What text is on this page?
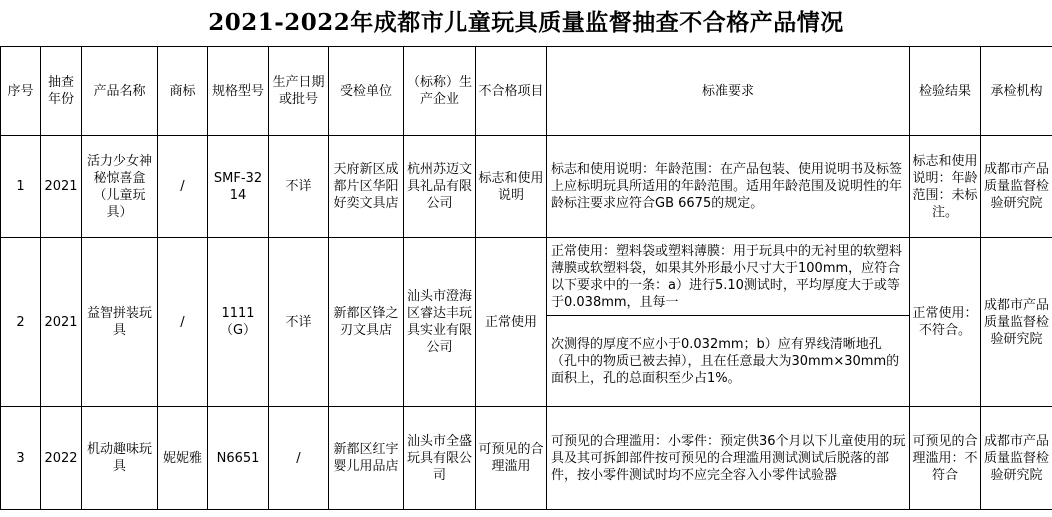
2021-2022年成都市儿童玩具质量监督抽查不合格产品情况
序号	抽查年份	产品名称	商标	规格型号	生产日期或批号	受检单位	（标称）生产企业	不合格项目	标准要求	检验结果	承检机构
1	2021	活力少女神秘惊喜盒（儿童玩具）	/	SMF-3214	不详	天府新区成都片区华阳好奕文具店	杭州苏迈文具礼品有限公司	标志和使用说明	标志和使用说明：年龄范围：在产品包装、使用说明书及标签上应标明玩具所适用的年龄范围。适用年龄范围及说明性的年龄标注要求应符合GB 6675的规定。	标志和使用说明：年龄范围：未标注。	成都市产品质量监督检验研究院
2	2021	益智拼装玩具	/	1111（G）	不详	新都区锋之刃文具店	汕头市澄海区睿达丰玩具实业有限公司	正常使用	正常使用：塑料袋或塑料薄膜：用于玩具中的无衬里的软塑料薄膜或软塑料袋，如果其外形最小尺寸大于100mm，应符合以下要求中的一条：a）进行5.10测试时，平均厚度大于或等于0.038mm，且每一	正常使用：不符合。	成都市产品质量监督检验研究院
									次测得的厚度不应小于0.032mm；b）应有界线清晰地孔（孔中的物质已被去掉），且在任意最大为30mm×30mm的面积上，孔的总面积至少占1%。		
3	2022	机动趣味玩具	妮妮雅	N6651	/	新都区红宇婴儿用品店	汕头市全盛玩具有限公司	可预见的合理滥用	可预见的合理滥用：小零件：预定供36个月以下儿童使用的玩具及其可拆卸部件按可预见的合理滥用测试测试后脱落的部件，按小零件测试时均不应完全容入小零件试验器	可预见的合理滥用：不符合	成都市产品质量监督检验研究院
